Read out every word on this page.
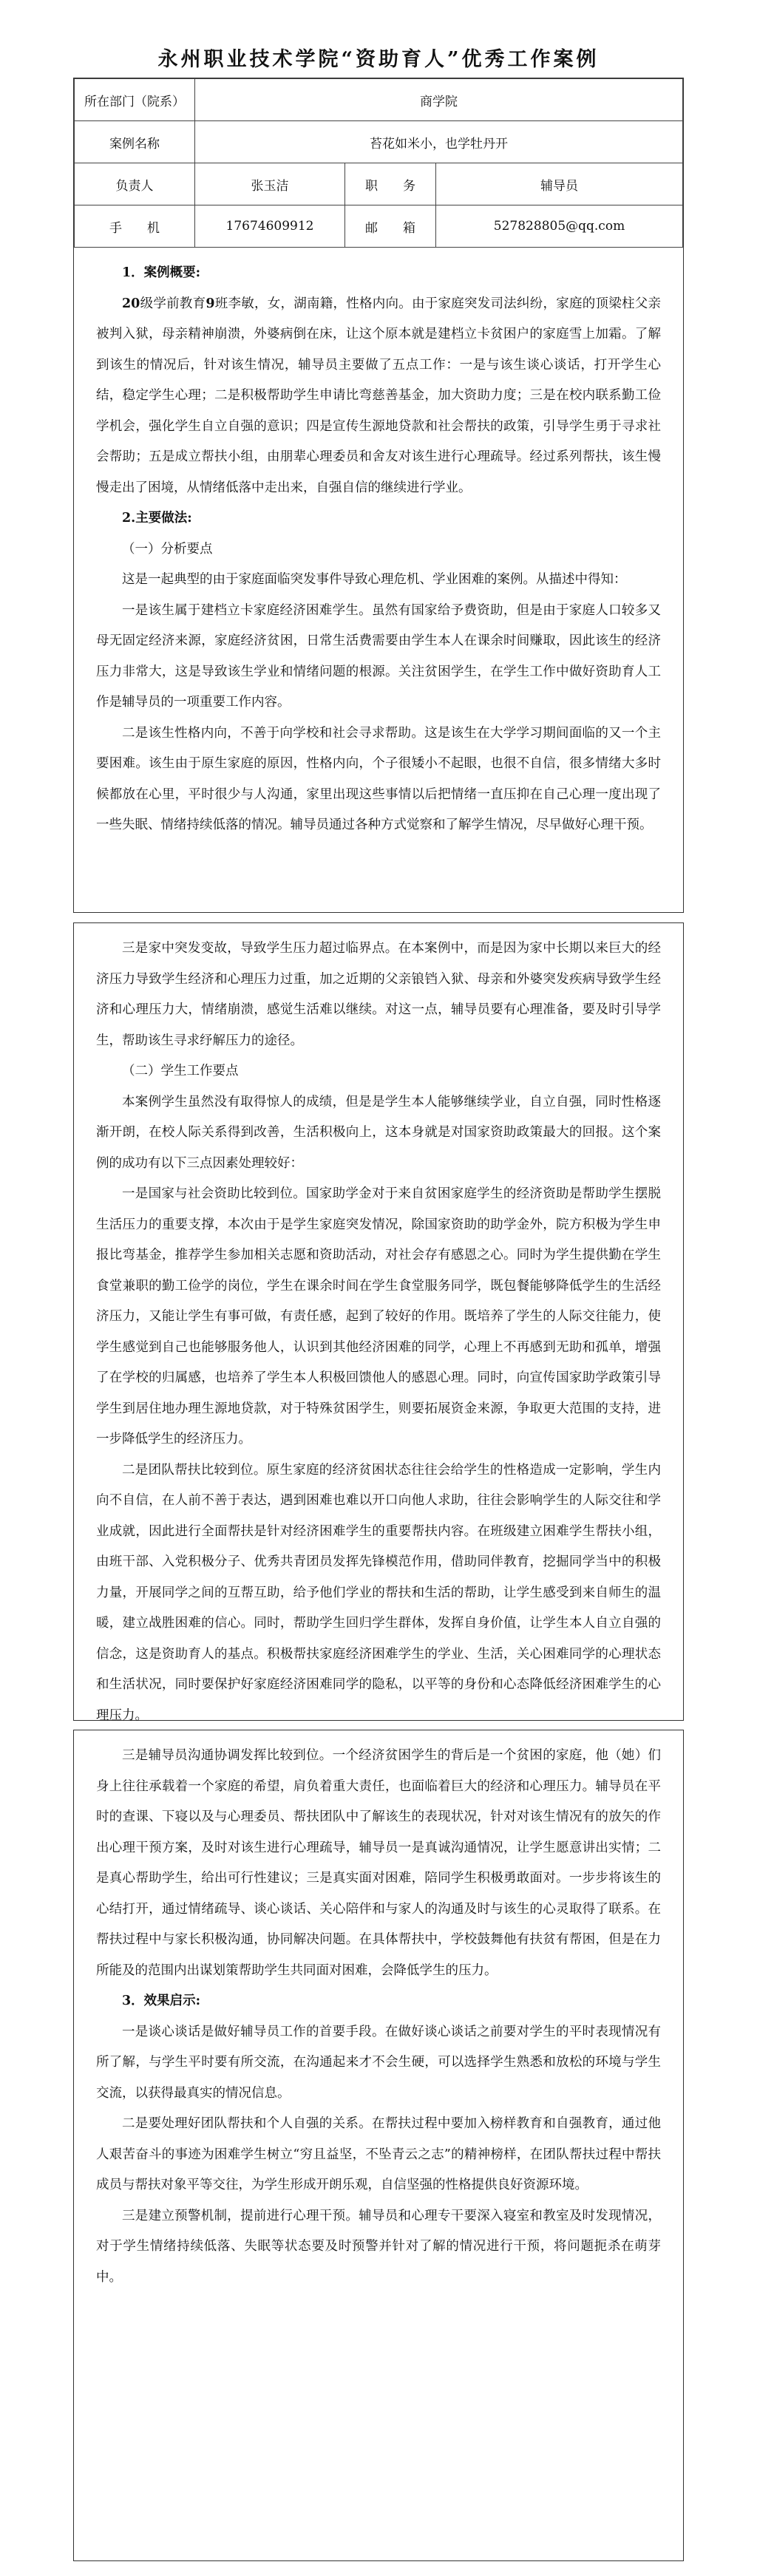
永州职业技术学院“资助育人”优秀工作案例
所在部门（院系）	商学院		
案例名称	苔花如米小，也学牡丹开		
负责人	张玉洁	职　　务	辅导员
手　　机	17674609912	邮　　箱	527828805@qq.com

1．案例概要:

20级学前教育9班李敏，女，湖南籍，性格内向。由于家庭突发司法纠纷，家庭的顶梁柱父亲被判入狱，母亲精神崩溃，外婆病倒在床，让这个原本就是建档立卡贫困户的家庭雪上加霜。了解到该生的情况后，针对该生情况，辅导员主要做了五点工作：一是与该生谈心谈话，打开学生心结，稳定学生心理；二是积极帮助学生申请比弯慈善基金，加大资助力度；三是在校内联系勤工俭学机会，强化学生自立自强的意识；四是宣传生源地贷款和社会帮扶的政策，引导学生勇于寻求社会帮助；五是成立帮扶小组，由朋辈心理委员和舍友对该生进行心理疏导。经过系列帮扶，该生慢慢走出了困境，从情绪低落中走出来，自强自信的继续进行学业。

2.主要做法:

（一）分析要点

这是一起典型的由于家庭面临突发事件导致心理危机、学业困难的案例。从描述中得知：

一是该生属于建档立卡家庭经济困难学生。虽然有国家给予费资助，但是由于家庭人口较多又母无固定经济来源，家庭经济贫困，日常生活费需要由学生本人在课余时间赚取，因此该生的经济压力非常大，这是导致该生学业和情绪问题的根源。关注贫困学生，在学生工作中做好资助育人工作是辅导员的一项重要工作内容。

二是该生性格内向，不善于向学校和社会寻求帮助。这是该生在大学学习期间面临的又一个主要困难。该生由于原生家庭的原因，性格内向，个子很矮小不起眼，也很不自信，很多情绪大多时候都放在心里，平时很少与人沟通，家里出现这些事情以后把情绪一直压抑在自己心理一度出现了一些失眠、情绪持续低落的情况。辅导员通过各种方式觉察和了解学生情况，尽早做好心理干预。

三是家中突发变故，导致学生压力超过临界点。在本案例中，而是因为家中长期以来巨大的经济压力导致学生经济和心理压力过重，加之近期的父亲锒铛入狱、母亲和外婆突发疾病导致学生经济和心理压力大，情绪崩溃，感觉生活难以继续。对这一点，辅导员要有心理准备，要及时引导学生，帮助该生寻求纾解压力的途径。

（二）学生工作要点

本案例学生虽然没有取得惊人的成绩，但是是学生本人能够继续学业，自立自强，同时性格逐渐开朗，在校人际关系得到改善，生活积极向上，这本身就是对国家资助政策最大的回报。这个案例的成功有以下三点因素处理较好：

一是国家与社会资助比较到位。国家助学金对于来自贫困家庭学生的经济资助是帮助学生摆脱生活压力的重要支撑，本次由于是学生家庭突发情况，除国家资助的助学金外，院方积极为学生申报比弯基金，推荐学生参加相关志愿和资助活动，对社会存有感恩之心。同时为学生提供勤在学生食堂兼职的勤工俭学的岗位，学生在课余时间在学生食堂服务同学，既包餐能够降低学生的生活经济压力，又能让学生有事可做，有责任感，起到了较好的作用。既培养了学生的人际交往能力，使学生感觉到自己也能够服务他人，认识到其他经济困难的同学，心理上不再感到无助和孤单，增强了在学校的归属感，也培养了学生本人积极回馈他人的感恩心理。同时，向宣传国家助学政策引导学生到居住地办理生源地贷款，对于特殊贫困学生，则要拓展资金来源，争取更大范围的支持，进一步降低学生的经济压力。

二是团队帮扶比较到位。原生家庭的经济贫困状态往往会给学生的性格造成一定影响，学生内向不自信，在人前不善于表达，遇到困难也难以开口向他人求助，往往会影响学生的人际交往和学业成就，因此进行全面帮扶是针对经济困难学生的重要帮扶内容。在班级建立困难学生帮扶小组，由班干部、入党积极分子、优秀共青团员发挥先锋模范作用，借助同伴教育，挖掘同学当中的积极力量，开展同学之间的互帮互助，给予他们学业的帮扶和生活的帮助，让学生感受到来自师生的温暖，建立战胜困难的信心。同时，帮助学生回归学生群体，发挥自身价值，让学生本人自立自强的信念，这是资助育人的基点。积极帮扶家庭经济困难学生的学业、生活，关心困难同学的心理状态和生活状况，同时要保护好家庭经济困难同学的隐私，以平等的身份和心态降低经济困难学生的心理压力。

三是辅导员沟通协调发挥比较到位。一个经济贫困学生的背后是一个贫困的家庭，他（她）们身上往往承载着一个家庭的希望，肩负着重大责任，也面临着巨大的经济和心理压力。辅导员在平时的查课、下寝以及与心理委员、帮扶团队中了解该生的表现状况，针对对该生情况有的放矢的作出心理干预方案，及时对该生进行心理疏导，辅导员一是真诚沟通情况，让学生愿意讲出实情；二是真心帮助学生，给出可行性建议；三是真实面对困难，陪同学生积极勇敢面对。一步步将该生的心结打开，通过情绪疏导、谈心谈话、关心陪伴和与家人的沟通及时与该生的心灵取得了联系。在帮扶过程中与家长积极沟通，协同解决问题。在具体帮扶中，学校鼓舞他有扶贫有帮困，但是在力所能及的范围内出谋划策帮助学生共同面对困难，会降低学生的压力。

3．效果启示:

一是谈心谈话是做好辅导员工作的首要手段。在做好谈心谈话之前要对学生的平时表现情况有所了解，与学生平时要有所交流，在沟通起来才不会生硬，可以选择学生熟悉和放松的环境与学生交流，以获得最真实的情况信息。

二是要处理好团队帮扶和个人自强的关系。在帮扶过程中要加入榜样教育和自强教育，通过他人艰苦奋斗的事迹为困难学生树立“穷且益坚，不坠青云之志”的精神榜样，在团队帮扶过程中帮扶成员与帮扶对象平等交往，为学生形成开朗乐观，自信坚强的性格提供良好资源环境。

三是建立预警机制，提前进行心理干预。辅导员和心理专干要深入寝室和教室及时发现情况，对于学生情绪持续低落、失眠等状态要及时预警并针对了解的情况进行干预，将问题扼杀在萌芽中。
